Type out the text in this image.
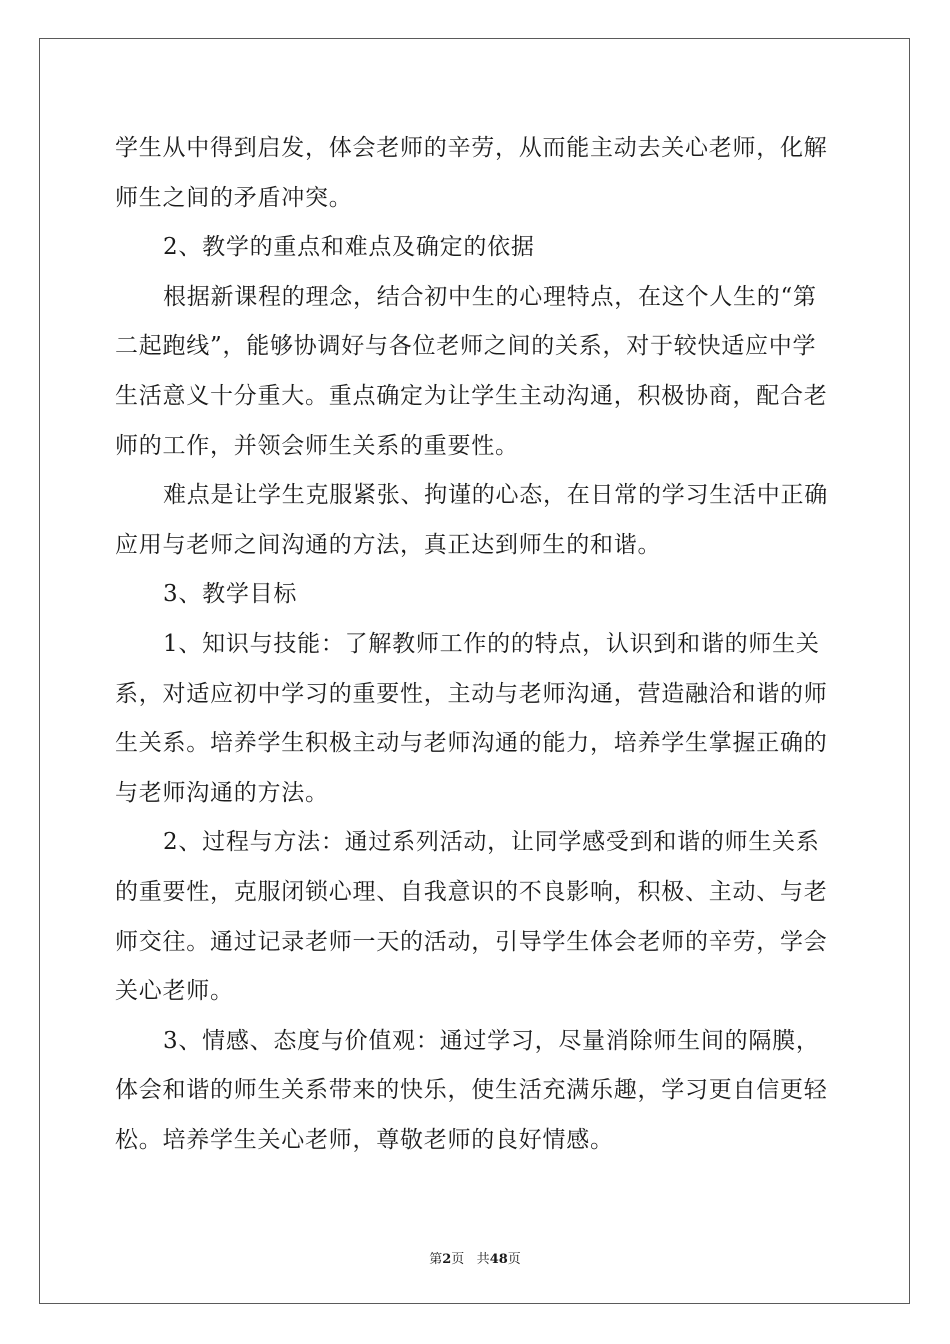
学生从中得到启发，体会老师的辛劳，从而能主动去关心老师，化解
师生之间的矛盾冲突。
2、教学的重点和难点及确定的依据
根据新课程的理念，结合初中生的心理特点，在这个人生的“第
二起跑线”，能够协调好与各位老师之间的关系，对于较快适应中学
生活意义十分重大。重点确定为让学生主动沟通，积极协商，配合老
师的工作，并领会师生关系的重要性。
难点是让学生克服紧张、拘谨的心态，在日常的学习生活中正确
应用与老师之间沟通的方法，真正达到师生的和谐。
3、教学目标
1、知识与技能：了解教师工作的的特点，认识到和谐的师生关
系，对适应初中学习的重要性，主动与老师沟通，营造融洽和谐的师
生关系。培养学生积极主动与老师沟通的能力，培养学生掌握正确的
与老师沟通的方法。
2、过程与方法：通过系列活动，让同学感受到和谐的师生关系
的重要性，克服闭锁心理、自我意识的不良影响，积极、主动、与老
师交往。通过记录老师一天的活动，引导学生体会老师的辛劳，学会
关心老师。
3、情感、态度与价值观：通过学习，尽量消除师生间的隔膜，
体会和谐的师生关系带来的快乐，使生活充满乐趣，学习更自信更轻
松。培养学生关心老师，尊敬老师的良好情感。
第2页 共48页
